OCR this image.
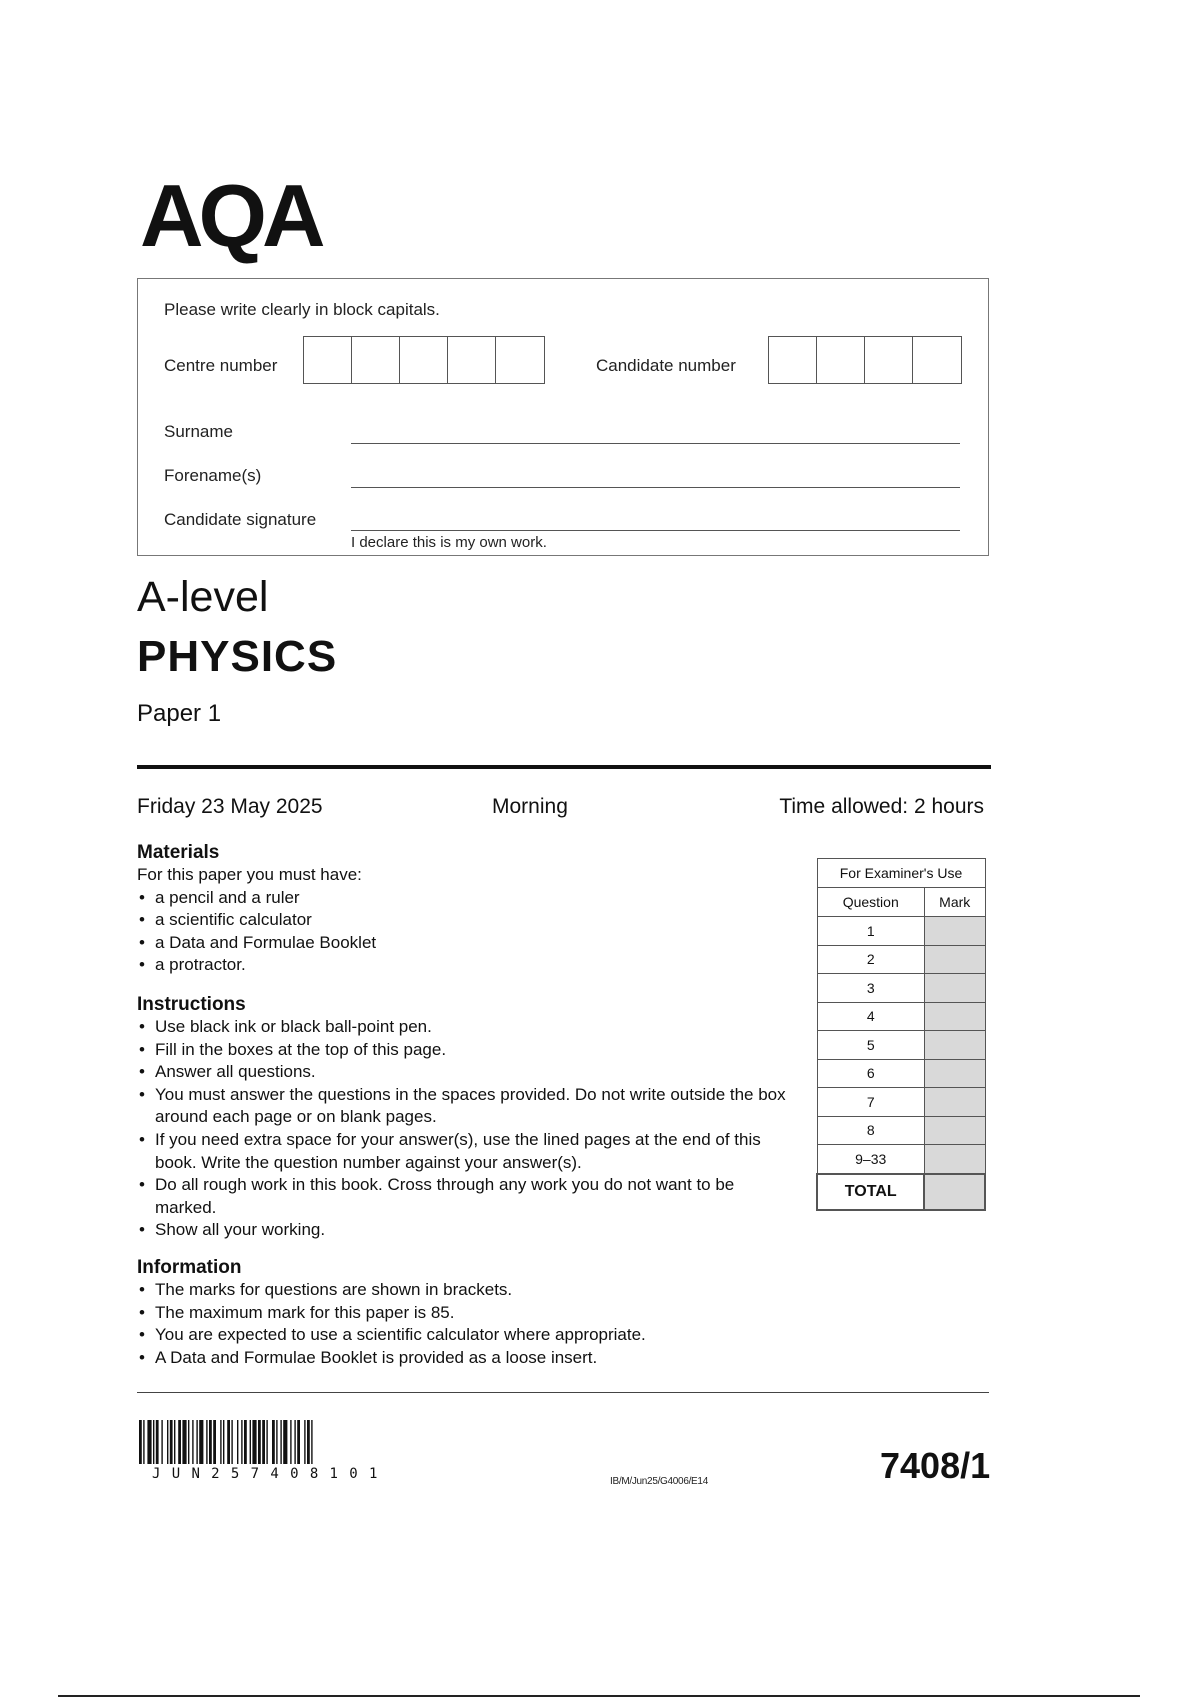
AQA
Please write clearly in block capitals.
Centre number	Candidate number
Surname
Forename(s)
Candidate signature
I declare this is my own work.
A-level
PHYSICS
Paper 1
Friday 23 May 2025	Morning	Time allowed: 2 hours
Materials
For this paper you must have:
• a pencil and a ruler
• a scientific calculator
• a Data and Formulae Booklet
• a protractor.
Instructions
• Use black ink or black ball-point pen.
• Fill in the boxes at the top of this page.
• Answer all questions.
• You must answer the questions in the spaces provided. Do not write outside the box around each page or on blank pages.
• If you need extra space for your answer(s), use the lined pages at the end of this book. Write the question number against your answer(s).
• Do all rough work in this book. Cross through any work you do not want to be marked.
• Show all your working.
Information
• The marks for questions are shown in brackets.
• The maximum mark for this paper is 85.
• You are expected to use a scientific calculator where appropriate.
• A Data and Formulae Booklet is provided as a loose insert.
For Examiner's Use	
Question	Mark
1	
2	
3	
4	
5	
6	
7	
8	
9–33	
TOTAL	
JUN257408101	IB/M/Jun25/G4006/E14	7408/1
